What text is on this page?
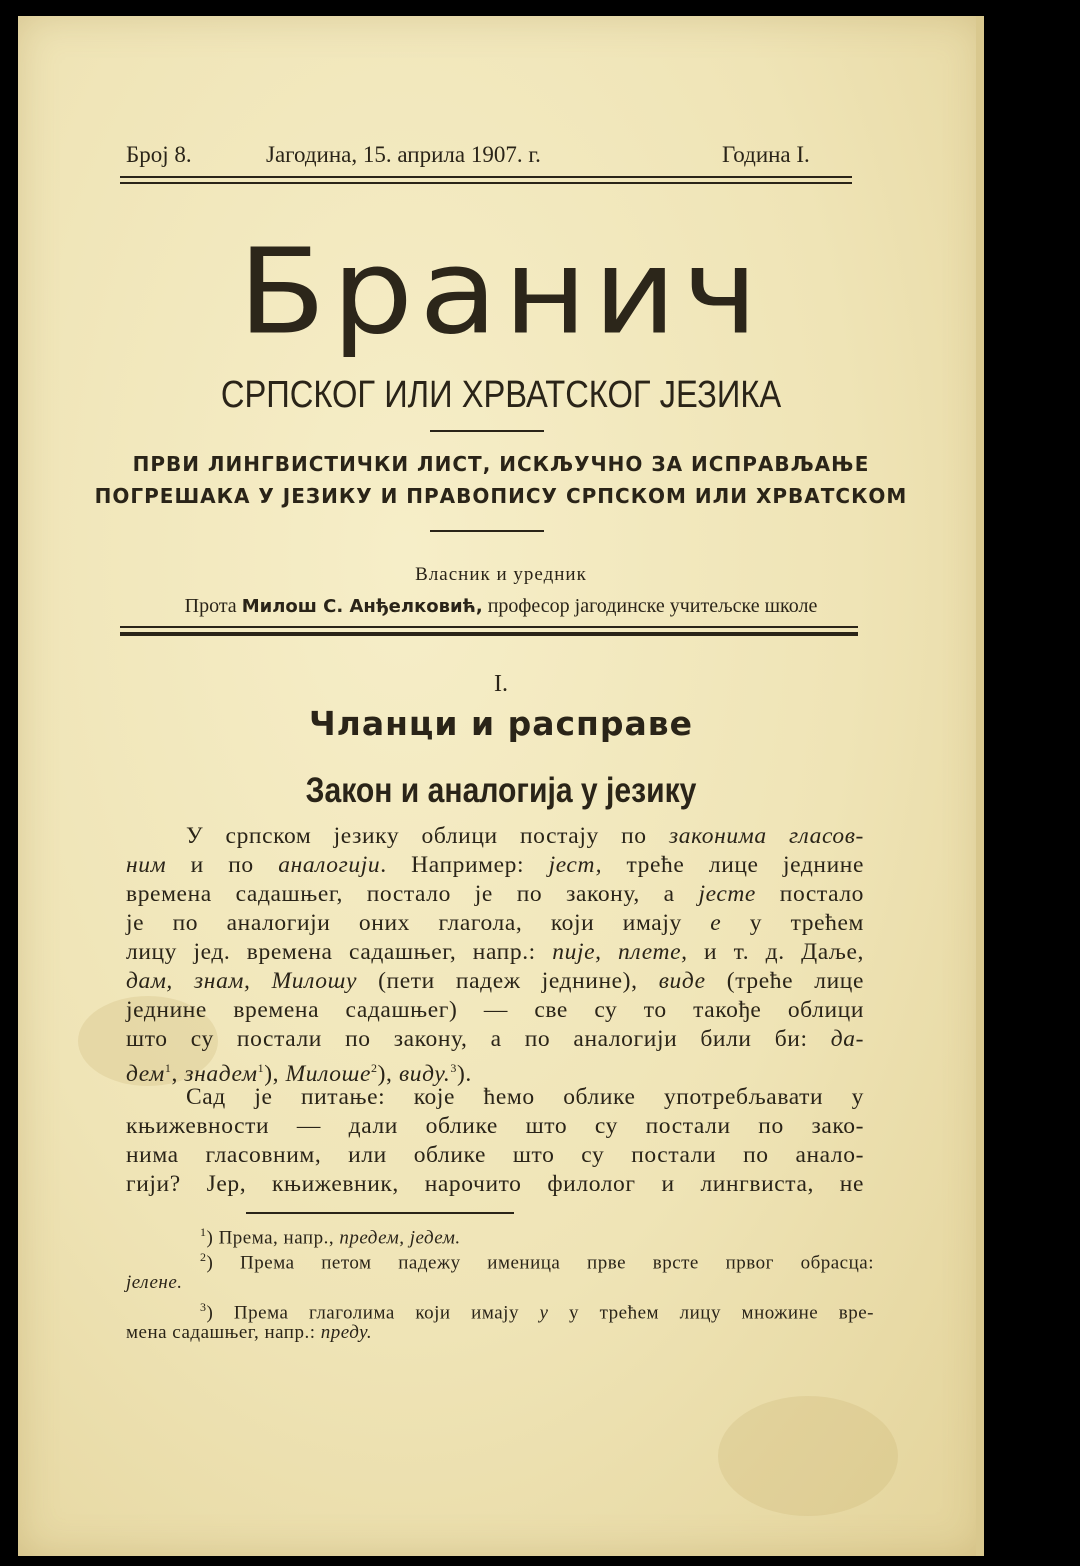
Број 8.	Јагодина, 15. априла 1907. г.	Година I.
Бранич
СРПСКОГ ИЛИ ХРВАТСКОГ ЈЕЗИКА
ПРВИ ЛИНГВИСТИЧКИ ЛИСТ, ИСКЉУЧНО ЗА ИСПРАВЉАЊЕ
ПОГРЕШАКА У ЈЕЗИКУ И ПРАВОПИСУ СРПСКОМ ИЛИ ХРВАТСКОМ
Власник и уредник
Прота Милош С. Анђелковић, професор јагодинске учитељске школе
I.
Чланци и расправе
Закон и аналогија у језику
У српском језику облици постају по законима гласов-
ним и по аналогији. Например: јест, треће лице једнине
времена садашњег, постало је по закону, а јесте постало
је по аналогији оних глагола, који имају е у трећем
лицу јед. времена садашњег, напр.: пије, плете, и т. д. Даље,
дам, знам, Милошу (пети падеж једнине), виде (треће лице
једнине времена садашњег) — све су то такође облици
што су постали по закону, а по аналогији били би: да-
дем$^1$, знадем$^1$), Милоше$^2$), виду.$^3$).
Сад је питање: које ћемо облике употребљавати у
књижевности — дали облике што су постали по зако-
нима гласовним, или облике што су постали по анало-
гији? Јер, књижевник, нарочито филолог и лингвиста, не
$^1$) Према, напр., предем, једем.
$^2$) Према петом падежу именица прве врсте првог обрасца:
јелене.
$^3$) Према глаголима који имају у у трећем лицу множине вре-
мена садашњег, напр.: преду.
